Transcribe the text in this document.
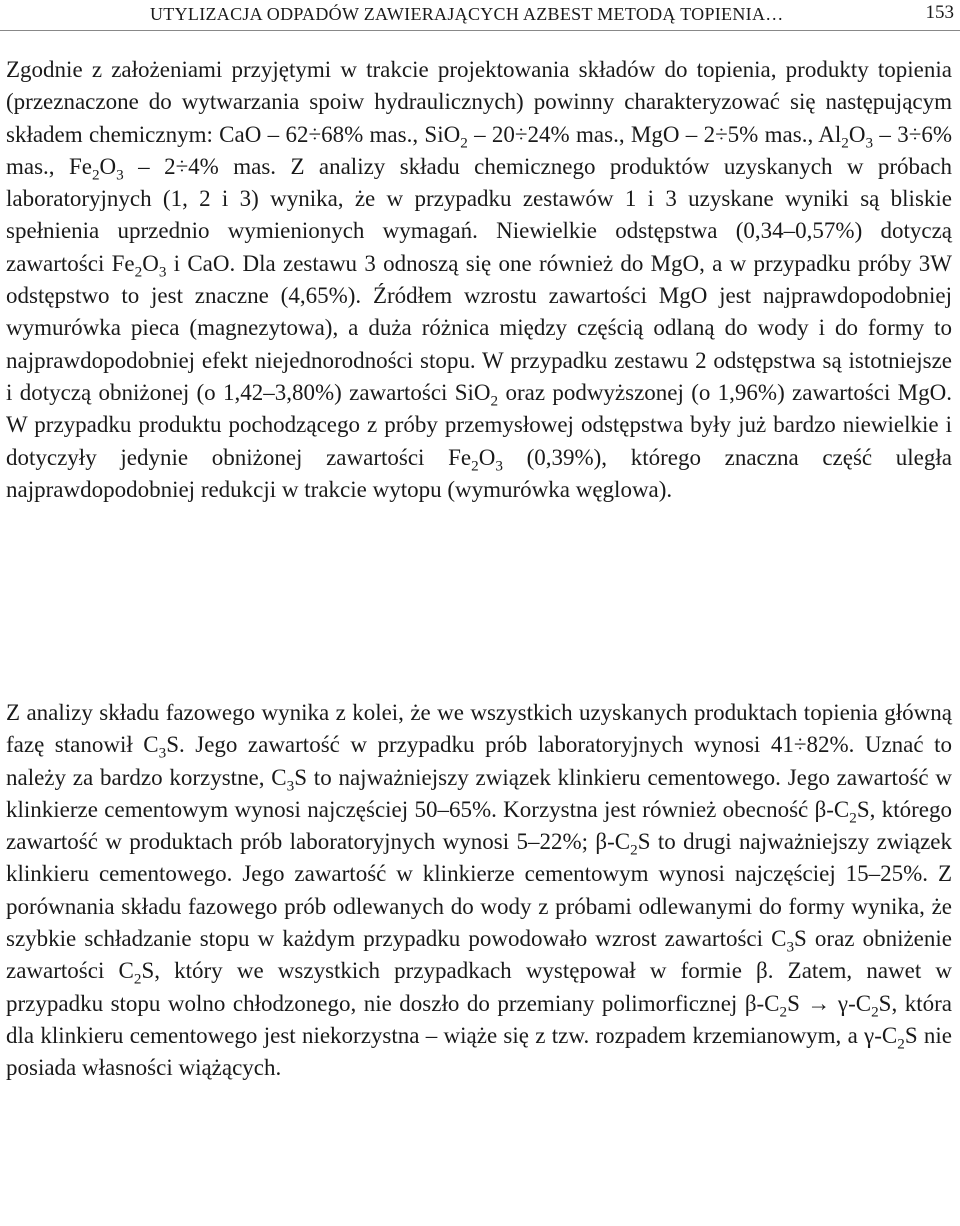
UTYLIZACJA ODPADÓW ZAWIERAJĄCYCH AZBEST METODĄ TOPIENIA…	153

Zgodnie z założeniami przyjętymi w trakcie projektowania składów do topienia, produkty topienia (przeznaczone do wytwarzania spoiw hydraulicznych) powinny charakteryzować się następującym składem chemicznym: CaO – 62÷68% mas., SiO$_2$ – 20÷24% mas., MgO – 2÷5% mas., $Al_2O_3 - 3\div 6\%$ mas., $Fe_2O_3 - 2\div 4\%$ mas. Z analizy składu chemicznego produktów uzyskanych w próbach laboratoryjnych (1, 2 i 3) wynika, że w przypadku zestawów 1 i 3 uzyskane wyniki są bliskie spełnienia uprzednio wymienionych wymagań. Niewielkie odstępstwa (0,34–0,57%) dotyczą zawartości $Fe_2O_3$ i CaO. Dla zestawu 3 odnoszą się one również do MgO, a w przypadku próby 3W odstępstwo to jest znaczne (4,65%). Źródłem wzrostu zawartości MgO jest najprawdopodobniej wymurówka pieca (magnezytowa), a duża różnica między częścią odlaną do wody i do formy to najprawdopodobniej efekt niejednorodności stopu. W przypadku zestawu 2 odstępstwa są istotniejsze i dotyczą obniżonej (o 1,42–3,80%) zawartości SiO$_2$ oraz podwyższonej (o 1,96%) zawartości MgO. W przypadku produktu pochodzącego z próby przemysłowej odstępstwa były już bardzo niewielkie i dotyczyły jedynie obniżonej zawartości $Fe_2O_3$ (0,39%), którego znaczna część uległa najprawdopodobniej redukcji w trakcie wytopu (wymurówka węglowa).

Z analizy składu fazowego wynika z kolei, że we wszystkich uzyskanych produktach topienia główną fazę stanowił $C_3S$. Jego zawartość w przypadku prób laboratoryjnych wynosi 41÷82%. Uznać to należy za bardzo korzystne, $C_3S$ to najważniejszy związek klinkieru cementowego. Jego zawartość w klinkierze cementowym wynosi najczęściej 50–65%. Korzystna jest również obecność $\beta-C_2S$, którego zawartość w produktach prób laboratoryjnych wynosi 5–22%; $\beta-C_2S$ to drugi najważniejszy związek klinkieru cementowego. Jego zawartość w klinkierze cementowym wynosi najczęściej 15–25%. Z porównania składu fazowego prób odlewanych do wody z próbami odlewanymi do formy wynika, że szybkie schładzanie stopu w każdym przypadku powodowało wzrost zawartości $C_3S$ oraz obniżenie zawartości $C_2S$, który we wszystkich przypadkach występował w formie β. Zatem, nawet w przypadku stopu wolno chłodzonego, nie doszło do przemiany polimorficznej $\beta-C_2S \to \gamma-C_2S$, która dla klinkieru cementowego jest niekorzystna – wiąże się z tzw. rozpadem krzemianowym, a $\gamma-C_2S$ nie posiada własności wiążących.
